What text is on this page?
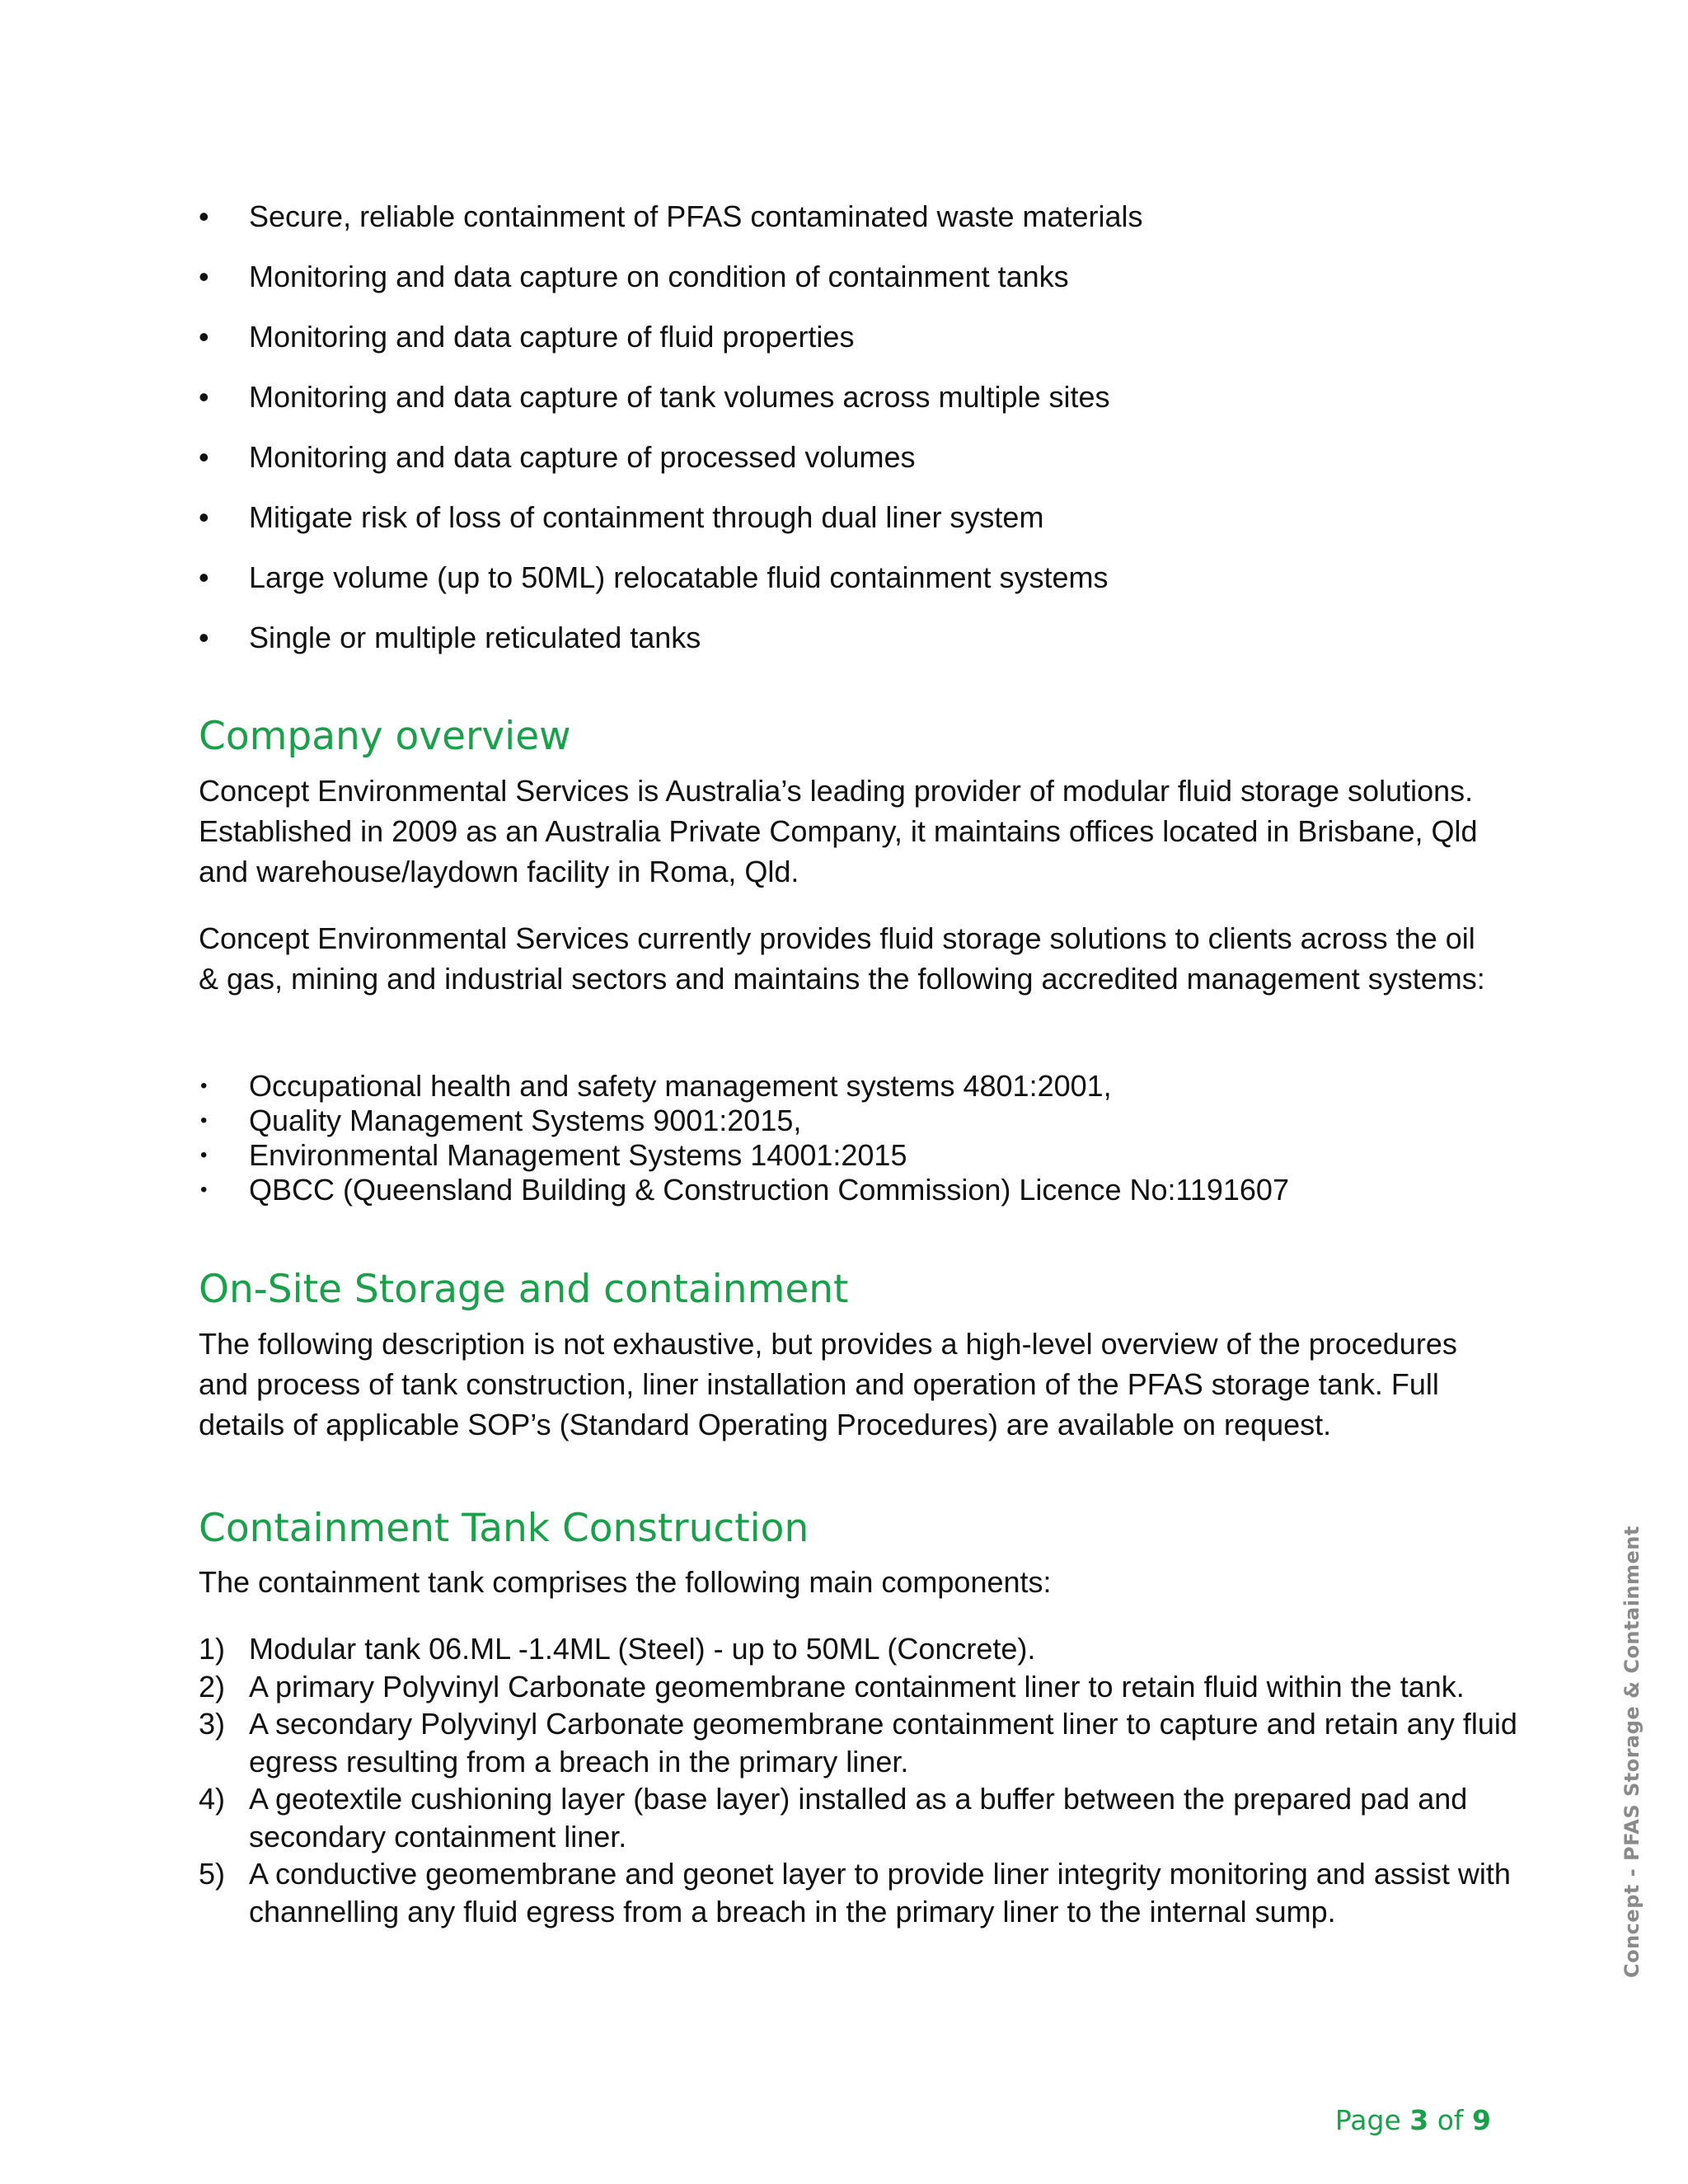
•	Secure, reliable containment of PFAS contaminated waste materials
•	Monitoring and data capture on condition of containment tanks
•	Monitoring and data capture of fluid properties
•	Monitoring and data capture of tank volumes across multiple sites
•	Monitoring and data capture of processed volumes
•	Mitigate risk of loss of containment through dual liner system
•	Large volume (up to 50ML) relocatable fluid containment systems
•	Single or multiple reticulated tanks
Company overview

Concept Environmental Services is Australia’s leading provider of modular fluid storage solutions. Established in 2009 as an Australia Private Company, it maintains offices located in Brisbane, Qld and warehouse/laydown facility in Roma, Qld.

Concept Environmental Services currently provides fluid storage solutions to clients across the oil & gas, mining and industrial sectors and maintains the following accredited management systems:

• Occupational health and safety management systems 4801:2001,
• Quality Management Systems 9001:2015,
• Environmental Management Systems 14001:2015
• QBCC (Queensland Building & Construction Commission) Licence No:1191607
On-Site Storage and containment

The following description is not exhaustive, but provides a high-level overview of the procedures and process of tank construction, liner installation and operation of the PFAS storage tank. Full details of applicable SOP’s (Standard Operating Procedures) are available on request.

Containment Tank Construction

The containment tank comprises the following main components:

1) Modular tank 06.ML -1.4ML (Steel) - up to 50ML (Concrete).
2) A primary Polyvinyl Carbonate geomembrane containment liner to retain fluid within the tank.
3) A secondary Polyvinyl Carbonate geomembrane containment liner to capture and retain any fluid egress resulting from a breach in the primary liner.
4) A geotextile cushioning layer (base layer) installed as a buffer between the prepared pad and secondary containment liner.
5) A conductive geomembrane and geonet layer to provide liner integrity monitoring and assist with channelling any fluid egress from a breach in the primary liner to the internal sump.	Concept - PFAS Storage & Containment
Page 3 of 9
